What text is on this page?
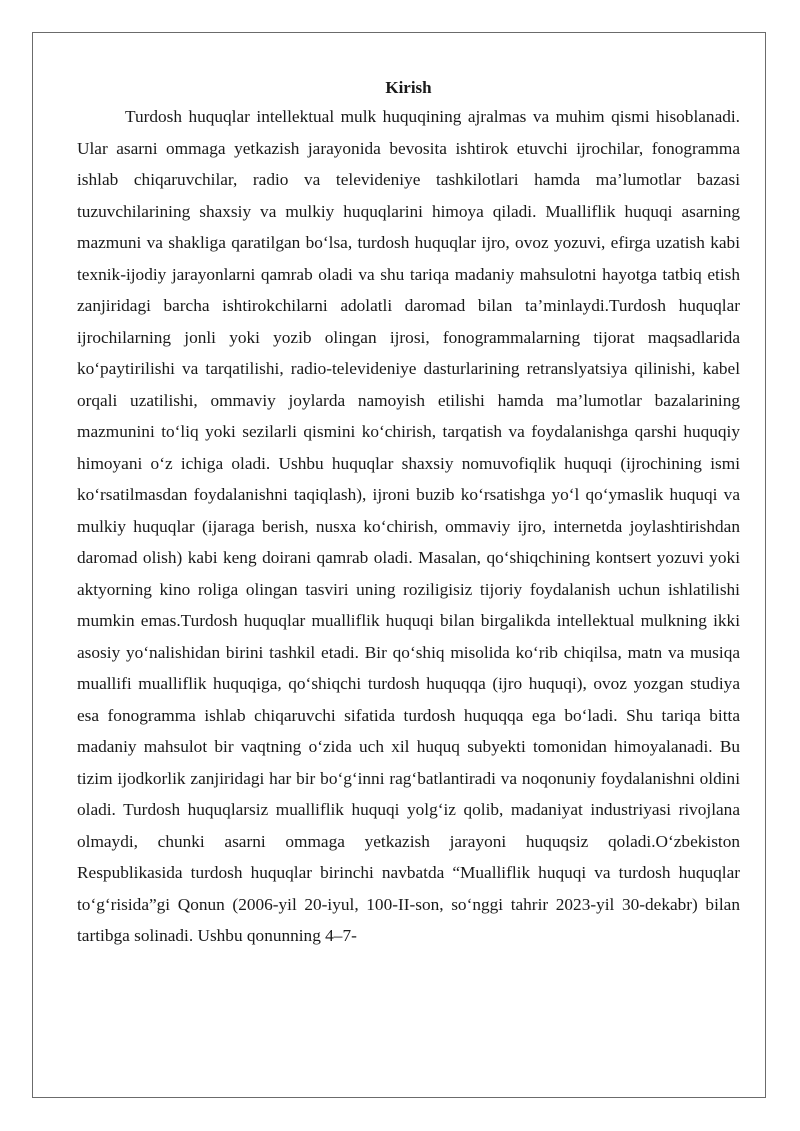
Kirish

Turdosh huquqlar intellektual mulk huquqining ajralmas va muhim qismi hisoblanadi. Ular asarni ommaga yetkazish jarayonida bevosita ishtirok etuvchi ijrochilar, fonogramma ishlab chiqaruvchilar, radio va televideniye tashkilotlari hamda ma’lumotlar bazasi tuzuvchilarining shaxsiy va mulkiy huquqlarini himoya qiladi. Mualliflik huquqi asarning mazmuni va shakliga qaratilgan bo‘lsa, turdosh huquqlar ijro, ovoz yozuvi, efirga uzatish kabi texnik-ijodiy jarayonlarni qamrab oladi va shu tariqa madaniy mahsulotni hayotga tatbiq etish zanjiridagi barcha ishtirokchilarni adolatli daromad bilan ta’minlaydi.Turdosh huquqlar ijrochilarning jonli yoki yozib olingan ijrosi, fonogrammalarning tijorat maqsadlarida ko‘paytirilishi va tarqatilishi, radio-televideniye dasturlarining retranslyatsiya qilinishi, kabel orqali uzatilishi, ommaviy joylarda namoyish etilishi hamda ma’lumotlar bazalarining mazmunini to‘liq yoki sezilarli qismini ko‘chirish, tarqatish va foydalanishga qarshi huquqiy himoyani o‘z ichiga oladi. Ushbu huquqlar shaxsiy nomuvofiqlik huquqi (ijrochining ismi ko‘rsatilmasdan foydalanishni taqiqlash), ijroni buzib ko‘rsatishga yo‘l qo‘ymaslik huquqi va mulkiy huquqlar (ijaraga berish, nusxa ko‘chirish, ommaviy ijro, internetda joylashtirishdan daromad olish) kabi keng doirani qamrab oladi. Masalan, qo‘shiqchining kontsert yozuvi yoki aktyorning kino roliga olingan tasviri uning roziligisiz tijoriy foydalanish uchun ishlatilishi mumkin emas.Turdosh huquqlar mualliflik huquqi bilan birgalikda intellektual mulkning ikki asosiy yo‘nalishidan birini tashkil etadi. Bir qo‘shiq misolida ko‘rib chiqilsa, matn va musiqa muallifi mualliflik huquqiga, qo‘shiqchi turdosh huquqqa (ijro huquqi), ovoz yozgan studiya esa fonogramma ishlab chiqaruvchi sifatida turdosh huquqqa ega bo‘ladi. Shu tariqa bitta madaniy mahsulot bir vaqtning o‘zida uch xil huquq subyekti tomonidan himoyalanadi. Bu tizim ijodkorlik zanjiridagi har bir bo‘g‘inni rag‘batlantiradi va noqonuniy foydalanishni oldini oladi. Turdosh huquqlarsiz mualliflik huquqi yolg‘iz qolib, madaniyat industriyasi rivojlana olmaydi, chunki asarni ommaga yetkazish jarayoni huquqsiz qoladi.O‘zbekiston Respublikasida turdosh huquqlar birinchi navbatda “Mualliflik huquqi va turdosh huquqlar to‘g‘risida”gi Qonun (2006-yil 20-iyul, 100-II-son, so‘nggi tahrir 2023-yil 30-dekabr) bilan tartibga solinadi. Ushbu qonunning 4–7-
